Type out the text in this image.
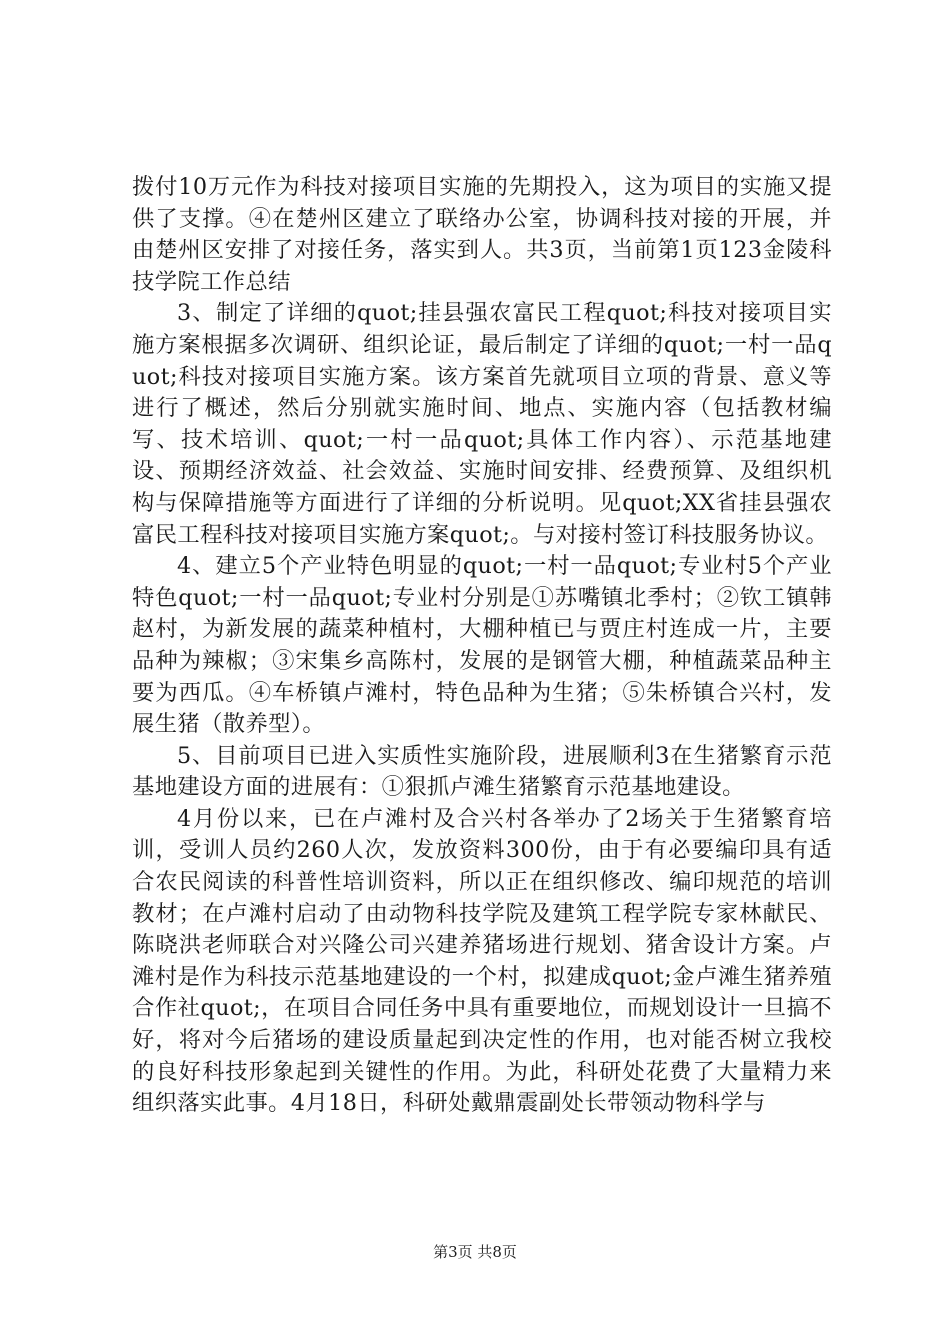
拨付10万元作为科技对接项目实施的先期投入，这为项目的实施又提供了支撑。④在楚州区建立了联络办公室，协调科技对接的开展，并由楚州区安排了对接任务，落实到人。共3页，当前第1页123金陵科技学院工作总结

3、制定了详细的quot;挂县强农富民工程quot;科技对接项目实施方案根据多次调研、组织论证，最后制定了详细的quot;一村一品quot;科技对接项目实施方案。该方案首先就项目立项的背景、意义等进行了概述，然后分别就实施时间、地点、实施内容（包括教材编写、技术培训、quot;一村一品quot;具体工作内容）、示范基地建设、预期经济效益、社会效益、实施时间安排、经费预算、及组织机构与保障措施等方面进行了详细的分析说明。见quot;XX省挂县强农富民工程科技对接项目实施方案quot;。与对接村签订科技服务协议。

4、建立5个产业特色明显的quot;一村一品quot;专业村5个产业特色quot;一村一品quot;专业村分别是①苏嘴镇北季村；②钦工镇韩赵村，为新发展的蔬菜种植村，大棚种植已与贾庄村连成一片，主要品种为辣椒；③宋集乡高陈村，发展的是钢管大棚，种植蔬菜品种主要为西瓜。④车桥镇卢滩村，特色品种为生猪；⑤朱桥镇合兴村，发展生猪（散养型）。

5、目前项目已进入实质性实施阶段，进展顺利3在生猪繁育示范基地建设方面的进展有：①狠抓卢滩生猪繁育示范基地建设。

4月份以来，已在卢滩村及合兴村各举办了2场关于生猪繁育培训，受训人员约260人次，发放资料300份，由于有必要编印具有适合农民阅读的科普性培训资料，所以正在组织修改、编印规范的培训教材；在卢滩村启动了由动物科技学院及建筑工程学院专家林献民、陈晓洪老师联合对兴隆公司兴建养猪场进行规划、猪舍设计方案。卢滩村是作为科技示范基地建设的一个村，拟建成quot;金卢滩生猪养殖合作社quot;，在项目合同任务中具有重要地位，而规划设计一旦搞不好，将对今后猪场的建设质量起到决定性的作用，也对能否树立我校的良好科技形象起到关键性的作用。为此，科研处花费了大量精力来组织落实此事。4月18日，科研处戴鼎震副处长带领动物科学与

第3页 共8页
